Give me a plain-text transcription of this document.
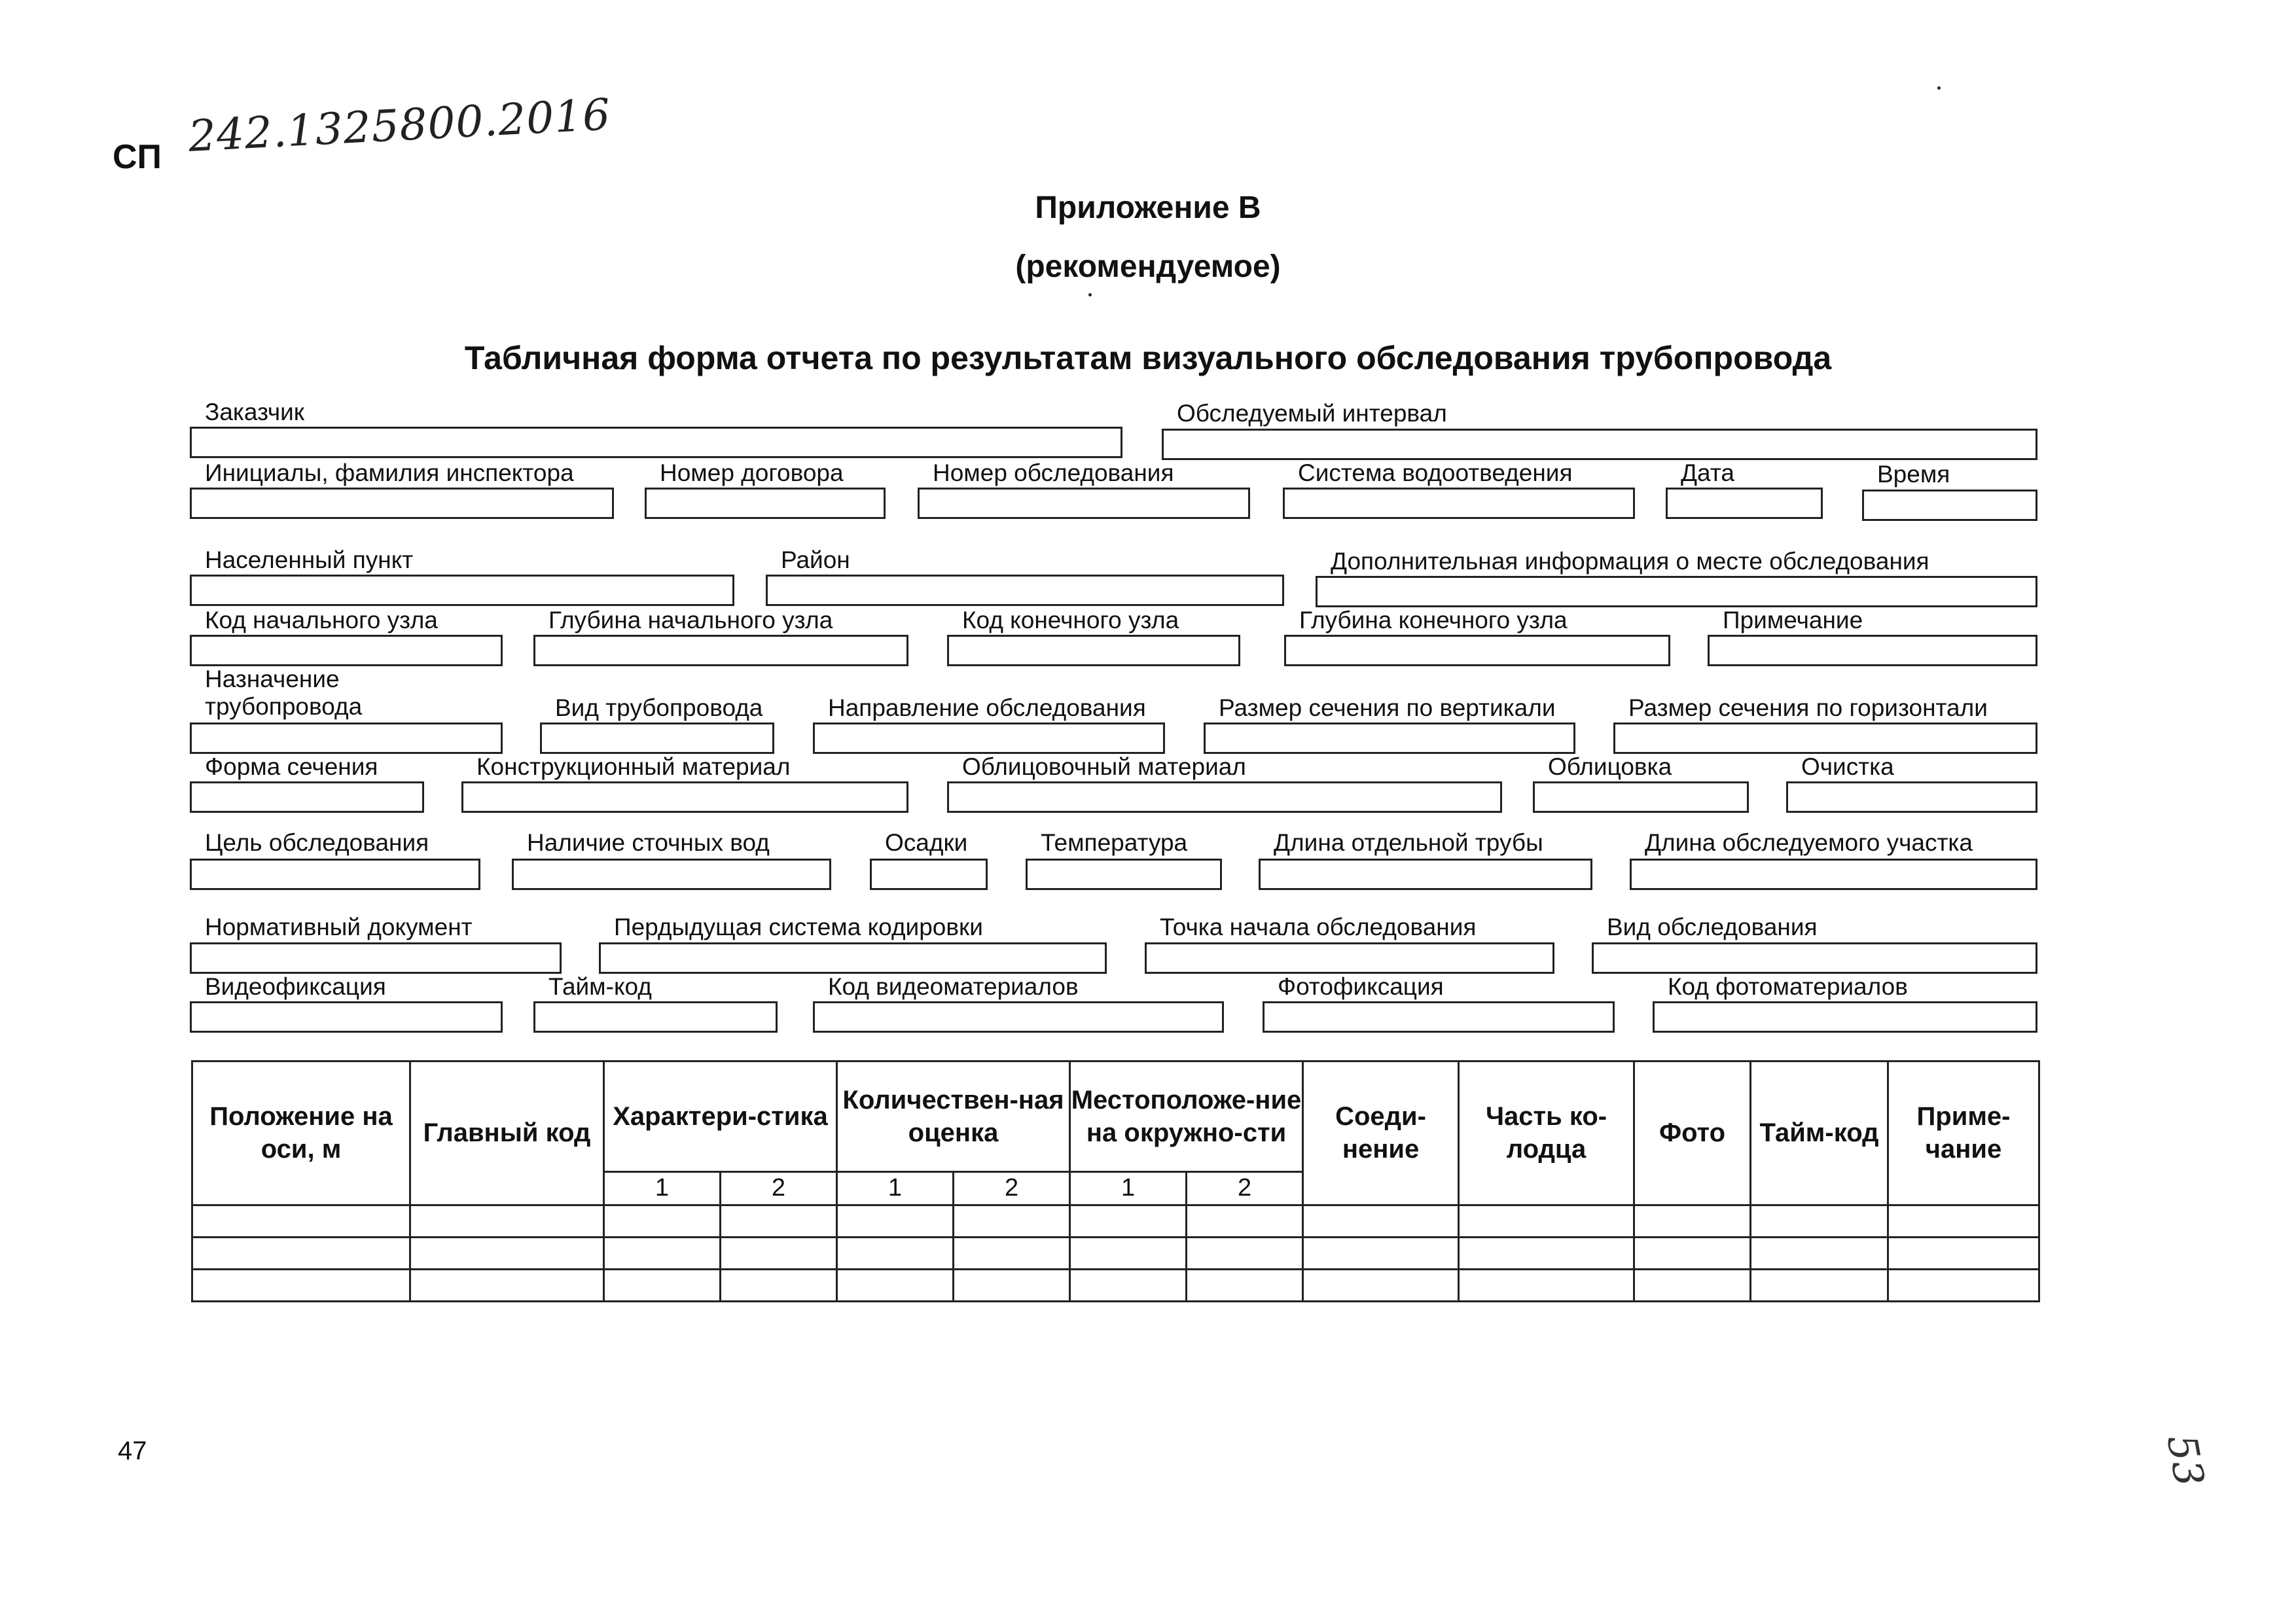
СП 242.1325800.2016
Приложение В
(рекомендуемое)
Табличная форма отчета по результатам визуального обследования трубопровода
Заказчик	Обследуемый интервал
Инициалы, фамилия инспектора	Номер договора	Номер обследования	Система водоотведения	Дата	Время
Населенный пункт	Район	Дополнительная информация о месте обследования
Код начального узла	Глубина начального узла	Код конечного узла	Глубина конечного узла	Примечание
Назначение
трубопровода	Вид трубопровода	Направление обследования	Размер сечения по вертикали	Размер сечения по горизонтали
Форма сечения	Конструкционный материал	Облицовочный материал	Облицовка	Очистка
Цель обследования	Наличие сточных вод	Осадки	Температура	Длина отдельной трубы	Длина обследуемого участка
Нормативный документ	Пердыдущая система кодировки	Точка начала обследования	Вид обследования
Видеофиксация	Тайм-код	Код видеоматериалов	Фотофиксация	Код фотоматериалов
Положение на оси, м	Главный код	Характери-стика		Количествен-ная оценка		Местоположе-ние на окружно-сти		Соеди-нение	Часть ко-лодца	Фото	Тайм-код	Приме-чание
		1	2	1	2	1	2					

47	53
